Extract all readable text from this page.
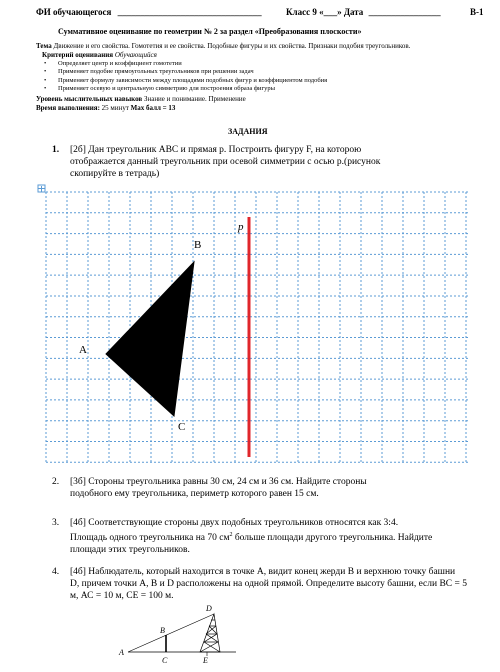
ФИ обучающегося ________________________________	Класс 9 «___» Дата ________________	В-1
Суммативное оценивание по геометрии № 2 за раздел «Преобразования плоскости»
Тема Движение и его свойства. Гомотетия и ее свойства. Подобные фигуры и их свойства. Признаки подобия треугольников.
Критерий оценивания Обучающийся
• Определяет центр и коэффициент гомотетии
• Применяет подобие прямоугольных треугольников при решении задач
• Применяет формулу зависимости между площадями подобных фигур и коэффициентом подобия
• Применяет осевую и центральную симметрию для построения образа фигуры
Уровень мыслительных навыков Знание и понимание. Применение
Время выполнения: 25 минут Max балл = 13
ЗАДАНИЯ
1. [2б] Дан треугольник АВС и прямая р. Построить фигуру F, на которою
отображается данный треугольник при осевой симметрии с осью р.(рисунок
скопируйте в тетрадь)
A
B
C
p
2. [3б] Стороны треугольника равны 30 см, 24 см и 36 см. Найдите стороны
подобного ему треугольника, периметр которого равен 15 см.
3. [4б] Соответствующие стороны двух подобных треугольников относятся как 3:4.
Площадь одного треугольника на 70 $см^2$ больше площади другого треугольника. Найдите
площади этих треугольников.
4. [4б] Наблюдатель, который находится в точке А, видит конец жерди В и верхнюю точку башни
D, причем точки А, В и D расположены на одной прямой. Определите высоту башни, если ВС = 5
м, АС = 10 м, СЕ = 100 м.
A
B
C
D
E
